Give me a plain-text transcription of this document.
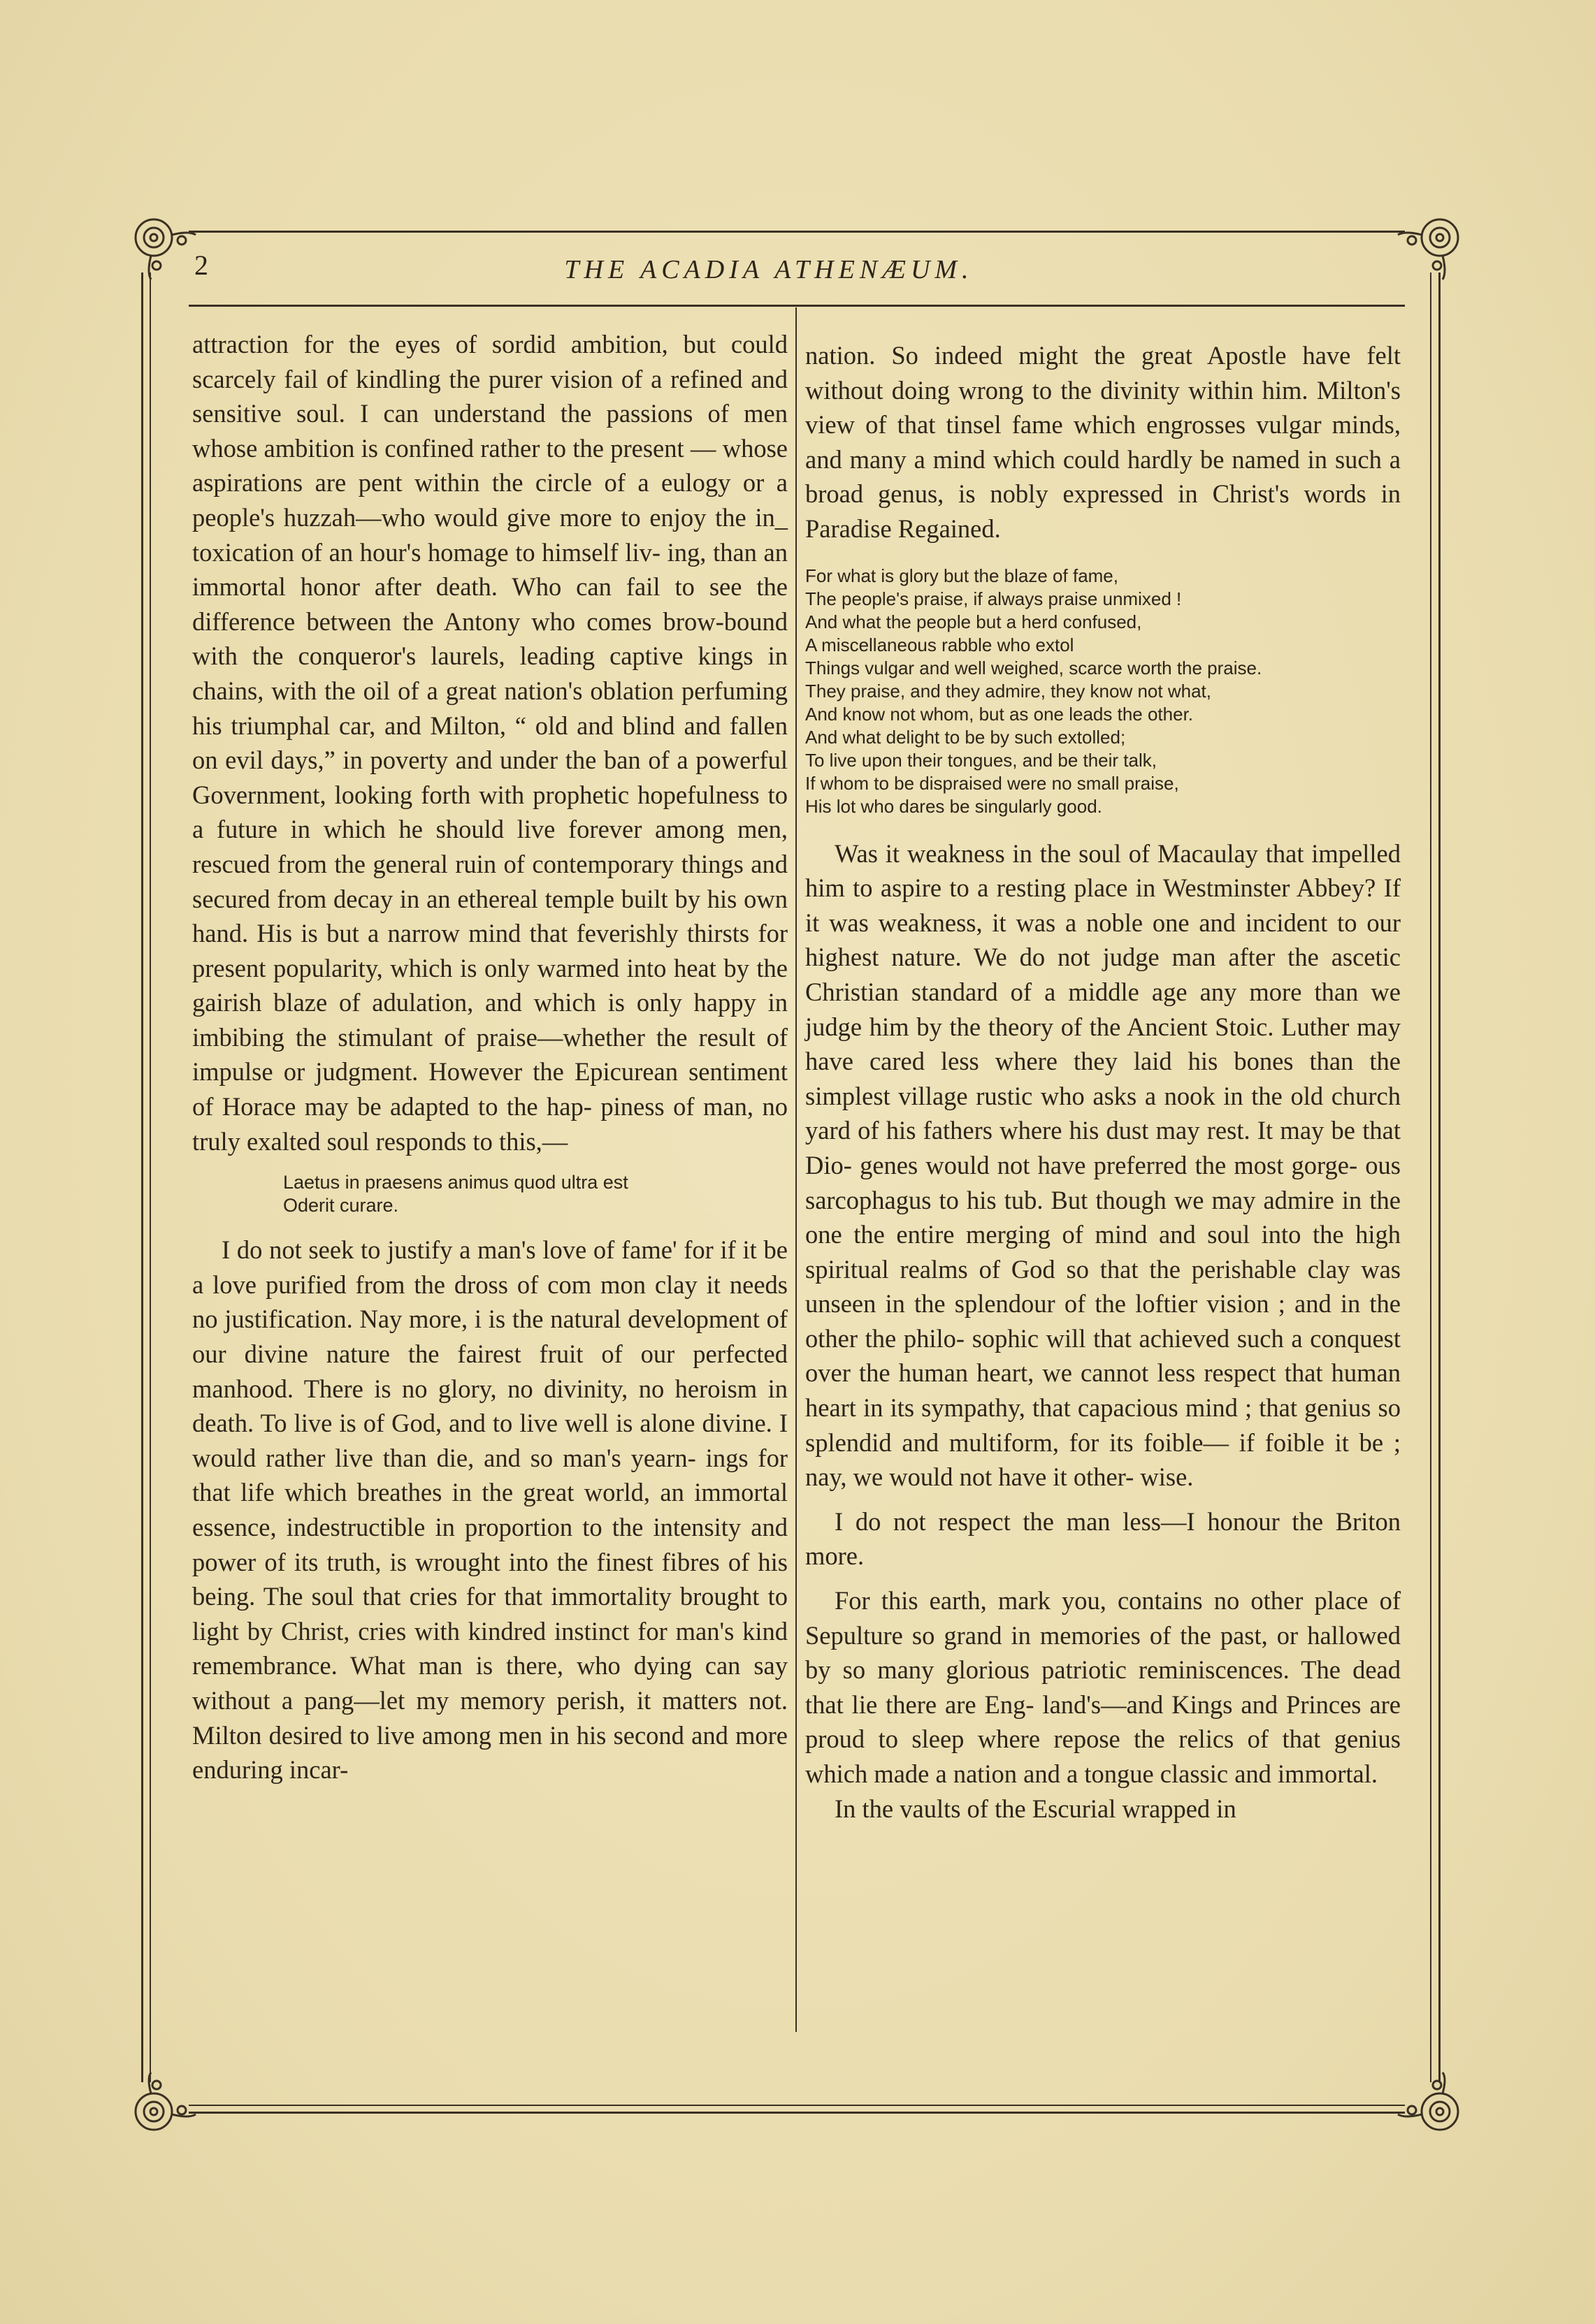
2	THE ACADIA ATHENÆUM.

attraction for the eyes of sordid ambition, but could scarcely fail of kindling the purer vision of a refined and sensitive soul. I can understand the passions of men whose ambition is confined rather to the present — whose aspirations are pent within the circle of a eulogy or a people's huzzah—who would give more to enjoy the in_ toxication of an hour's homage to himself liv- ing, than an immortal honor after death. Who can fail to see the difference between the Antony who comes brow-bound with the conqueror's laurels, leading captive kings in chains, with the oil of a great nation's oblation perfuming his triumphal car, and Milton, “ old and blind and fallen on evil days,” in poverty and under the ban of a powerful Government, looking forth with prophetic hopefulness to a future in which he should live forever among men, rescued from the general ruin of contemporary things and secured from decay in an ethereal temple built by his own hand. His is but a narrow mind that feverishly thirsts for present popularity, which is only warmed into heat by the gairish blaze of adulation, and which is only happy in imbibing the stimulant of praise—whether the result of impulse or judgment. However the Epicurean sentiment of Horace may be adapted to the hap- piness of man, no truly exalted soul responds to this,—

Laetus in praesens animus quod ultra est
Oderit curare.

I do not seek to justify a man's love of fame' for if it be a love purified from the dross of com mon clay it needs no justification. Nay more, i is the natural development of our divine nature the fairest fruit of our perfected manhood. There is no glory, no divinity, no heroism in death. To live is of God, and to live well is alone divine. I would rather live than die, and so man's yearn- ings for that life which breathes in the great world, an immortal essence, indestructible in proportion to the intensity and power of its truth, is wrought into the finest fibres of his being. The soul that cries for that immortality brought to light by Christ, cries with kindred instinct for man's kind remembrance. What man is there, who dying can say without a pang—let my memory perish, it matters not. Milton desired to live among men in his second and more enduring incar-

nation. So indeed might the great Apostle have felt without doing wrong to the divinity within him. Milton's view of that tinsel fame which engrosses vulgar minds, and many a mind which could hardly be named in such a broad genus, is nobly expressed in Christ's words in Paradise Regained.

For what is glory but the blaze of fame,
The people's praise, if always praise unmixed !
And what the people but a herd confused,
A miscellaneous rabble who extol
Things vulgar and well weighed, scarce worth the praise.
They praise, and they admire, they know not what,
And know not whom, but as one leads the other.
And what delight to be by such extolled;
To live upon their tongues, and be their talk,
If whom to be dispraised were no small praise,
His lot who dares be singularly good.

Was it weakness in the soul of Macaulay that impelled him to aspire to a resting place in Westminster Abbey? If it was weakness, it was a noble one and incident to our highest nature. We do not judge man after the ascetic Christian standard of a middle age any more than we judge him by the theory of the Ancient Stoic. Luther may have cared less where they laid his bones than the simplest village rustic who asks a nook in the old church yard of his fathers where his dust may rest. It may be that Dio- genes would not have preferred the most gorge- ous sarcophagus to his tub. But though we may admire in the one the entire merging of mind and soul into the high spiritual realms of God so that the perishable clay was unseen in the splendour of the loftier vision ; and in the other the philo- sophic will that achieved such a conquest over the human heart, we cannot less respect that human heart in its sympathy, that capacious mind ; that genius so splendid and multiform, for its foible— if foible it be ; nay, we would not have it other- wise.

I do not respect the man less—I honour the Briton more.

For this earth, mark you, contains no other place of Sepulture so grand in memories of the past, or hallowed by so many glorious patriotic reminiscences. The dead that lie there are Eng- land's—and Kings and Princes are proud to sleep where repose the relics of that genius which made a nation and a tongue classic and immortal.

In the vaults of the Escurial wrapped in
